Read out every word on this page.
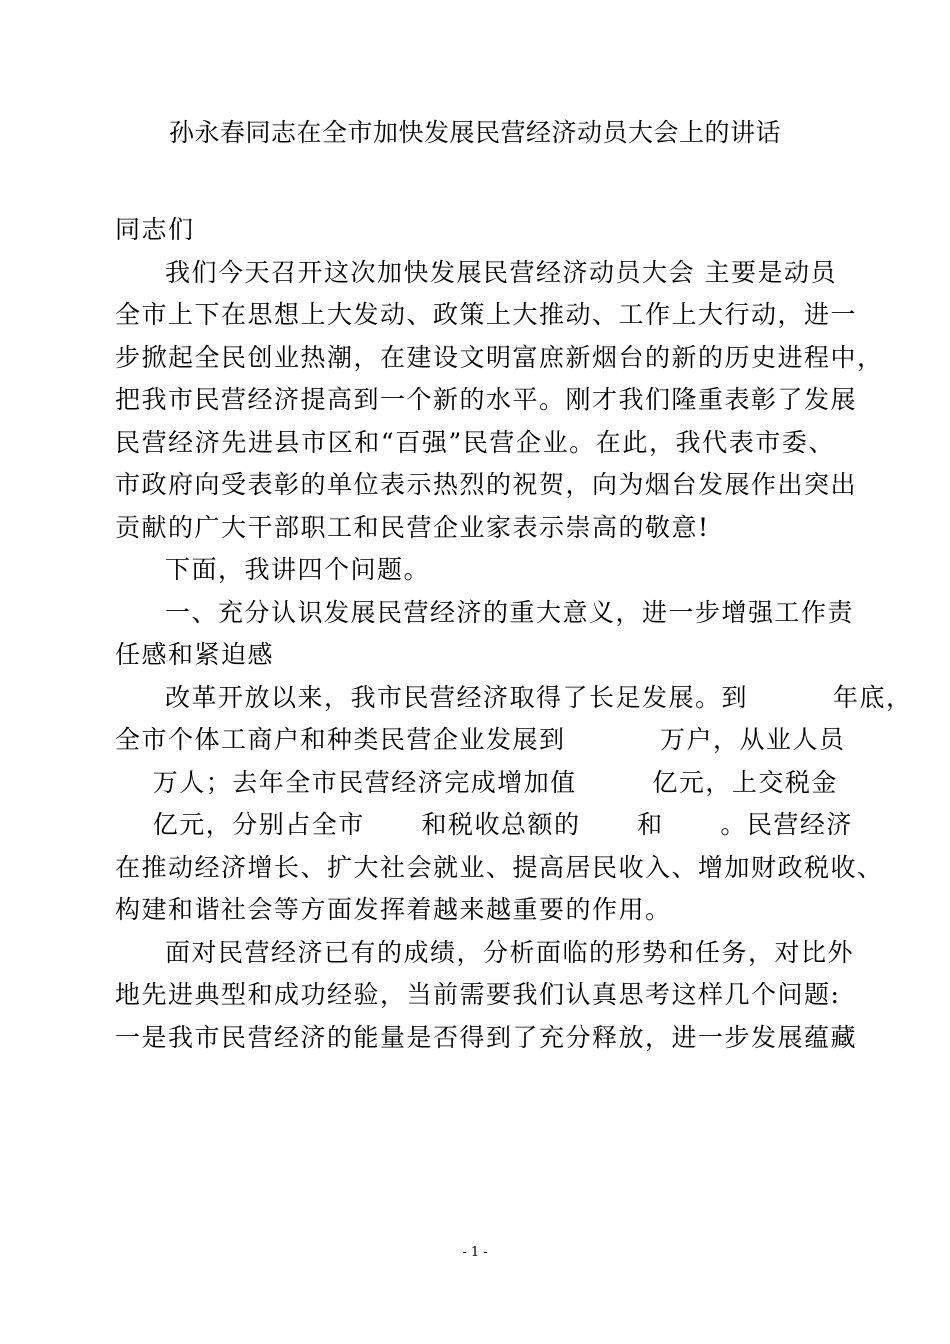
孙永春同志在全市加快发展民营经济动员大会上的讲话
同志们
我们今天召开这次加快发展民营经济动员大会 主要是动员
全市上下在思想上大发动、政策上大推动、工作上大行动，进一
步掀起全民创业热潮，在建设文明富庶新烟台的新的历史进程中，
把我市民营经济提高到一个新的水平。刚才我们隆重表彰了发展
民营经济先进县市区和“百强”民营企业。在此，我代表市委、
市政府向受表彰的单位表示热烈的祝贺，向为烟台发展作出突出
贡献的广大干部职工和民营企业家表示崇高的敬意!
下面，我讲四个问题。
一、充分认识发展民营经济的重大意义，进一步增强工作责
任感和紧迫感
改革开放以来，我市民营经济取得了长足发展。到         年底，
全市个体工商户和种类民营企业发展到          万户，从业人员
万人；去年全市民营经济完成增加值        亿元，上交税金
亿元，分别占全市      和税收总额的      和      。民营经济
在推动经济增长、扩大社会就业、提高居民收入、增加财政税收、
构建和谐社会等方面发挥着越来越重要的作用。
面对民营经济已有的成绩，分析面临的形势和任务，对比外
地先进典型和成功经验，当前需要我们认真思考这样几个问题:
一是我市民营经济的能量是否得到了充分释放，进一步发展蕴藏
- 1 -
